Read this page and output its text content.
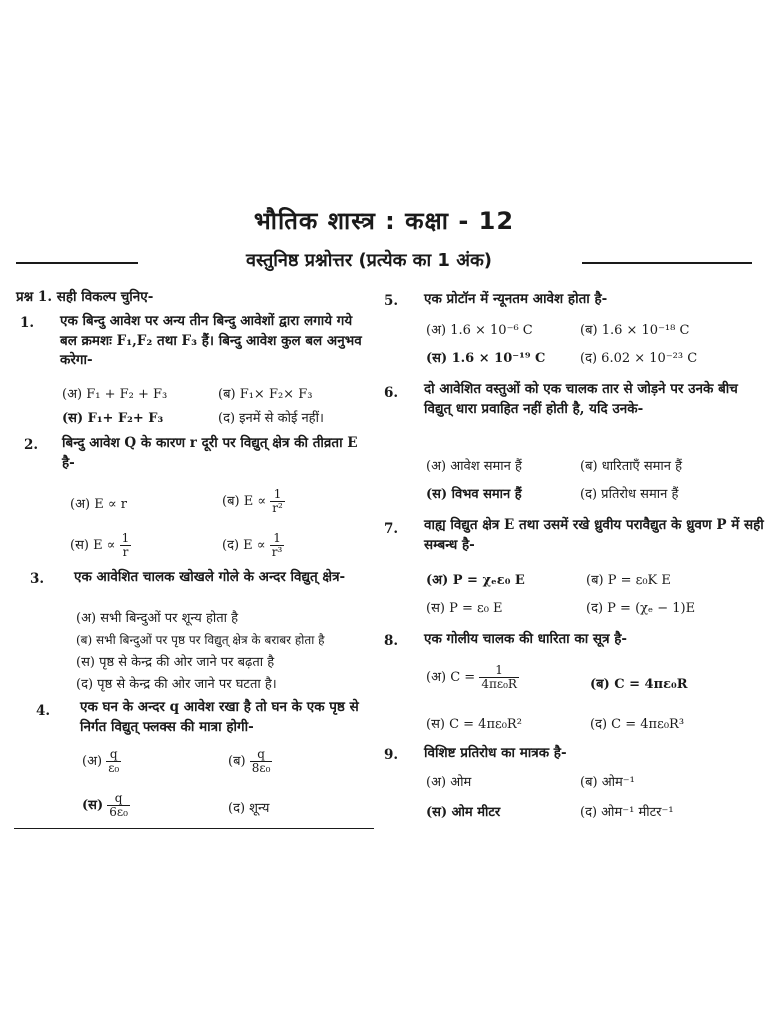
भौतिक शास्त्र : कक्षा - 12
वस्तुनिष्ठ प्रश्नोत्तर (प्रत्येक का 1 अंक)
प्रश्न 1. सही विकल्प चुनिए-
1. एक बिन्दु आवेश पर अन्य तीन बिन्दु आवेशों द्वारा लगाये गये बल क्रमशः F₁,F₂ तथा F₃ हैं। बिन्दु आवेश कुल बल अनुभव करेगा-
(अ) F₁ + F₂ + F₃	(ब) F₁× F₂× F₃
(स) F₁+ F₂+ F₃	(द) इनमें से कोई नहीं।
2. बिन्दु आवेश Q के कारण r दूरी पर विद्युत् क्षेत्र की तीव्रता E है-
(अ) E ∝ r	(ब) $E \propto \frac{1}{\text{r²}}$
(स) $E \propto \frac{1}{r}$	(द) $E \propto \frac{1}{\text{r³}}$
3. एक आवेशित चालक खोखले गोले के अन्दर विद्युत् क्षेत्र-
(अ) सभी बिन्दुओं पर शून्य होता है
(ब) सभी बिन्दुओं पर पृष्ठ पर विद्युत् क्षेत्र के बराबर होता है
(स) पृष्ठ से केन्द्र की ओर जाने पर बढ़ता है
(द) पृष्ठ से केन्द्र की ओर जाने पर घटता है।
4. एक घन के अन्दर q आवेश रखा है तो घन के एक पृष्ठ से निर्गत विद्युत् फ्लक्स की मात्रा होगी-
(अ) $\frac{q}{\text{ε₀}}$	(ब) $\frac{q}{\text{8ε₀}}$
(स) $\frac{q}{\text{6ε₀}}$	(द) शून्य
5. एक प्रोटॉन में न्यूनतम आवेश होता है-
(अ) 1.6 × 10⁻⁶ C	(ब) 1.6 × 10⁻¹⁸ C
(स) 1.6 × 10⁻¹⁹ C	(द) 6.02 × 10⁻²³ C
6. दो आवेशित वस्तुओं को एक चालक तार से जोड़ने पर उनके बीच विद्युत् धारा प्रवाहित नहीं होती है, यदि उनके-
(अ) आवेश समान हैं	(ब) धारिताएँ समान हैं
(स) विभव समान हैं	(द) प्रतिरोध समान हैं
7. वाह्य विद्युत क्षेत्र E तथा उसमें रखे ध्रुवीय परावैद्युत के ध्रुवण P में सही सम्बन्ध है-
(अ) P = χₑε₀ E	(ब) P = ε₀K E
(स) P = ε₀ E	(द) P = (χₑ − 1)E
8. एक गोलीय चालक की धारिता का सूत्र है-
(अ) $C = \frac{1}{\text{4πε₀R}}$	(ब) C = 4πε₀R
(स) C = 4πε₀R²	(द) C = 4πε₀R³
9. विशिष्ट प्रतिरोध का मात्रक है-
(अ) ओम	(ब) ओम⁻¹
(स) ओम मीटर	(द) ओम⁻¹ मीटर⁻¹
